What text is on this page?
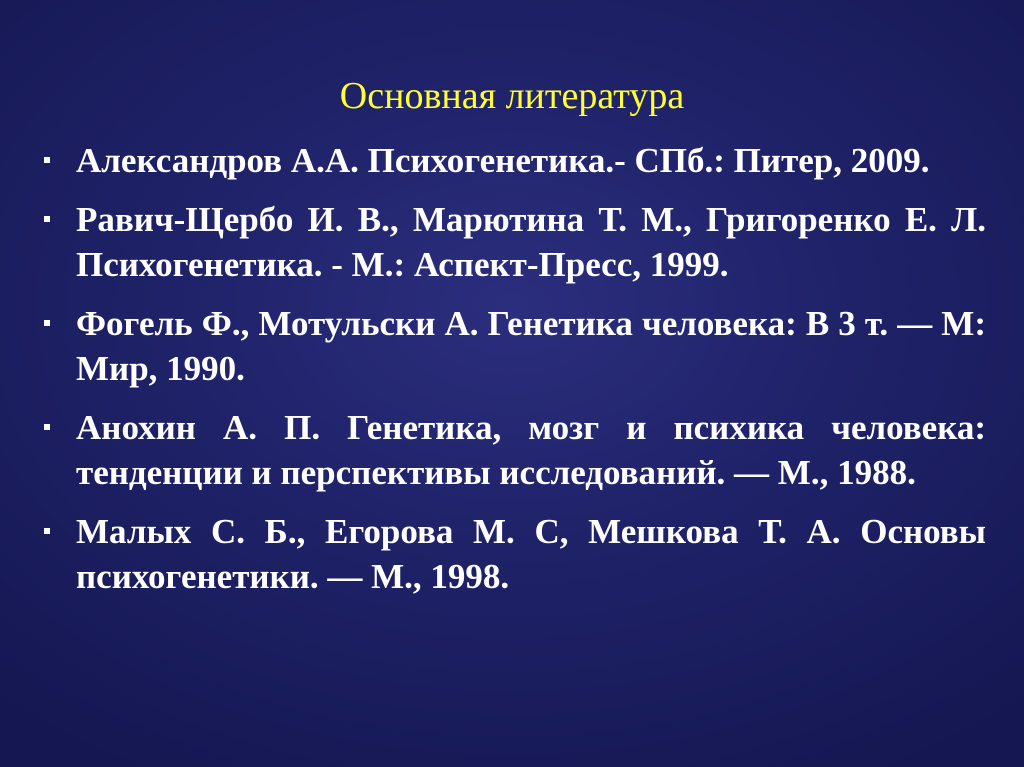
Основная литература
Александров А.А. Психогенетика.- СПб.: Питер, 2009.
Равич-Щербо И. В., Марютина Т. М., Григоренко Е. Л. Психогенетика. - М.: Аспект-Пресс, 1999.
Фогель Ф., Мотульски А. Генетика человека: В 3 т. — М: Мир, 1990.
Анохин А. П. Генетика, мозг и психика человека: тенденции и перспективы исследований. — М., 1988.
Малых С. Б., Егорова М. С, Мешкова Т. А. Основы психогенетики. — М., 1998.
